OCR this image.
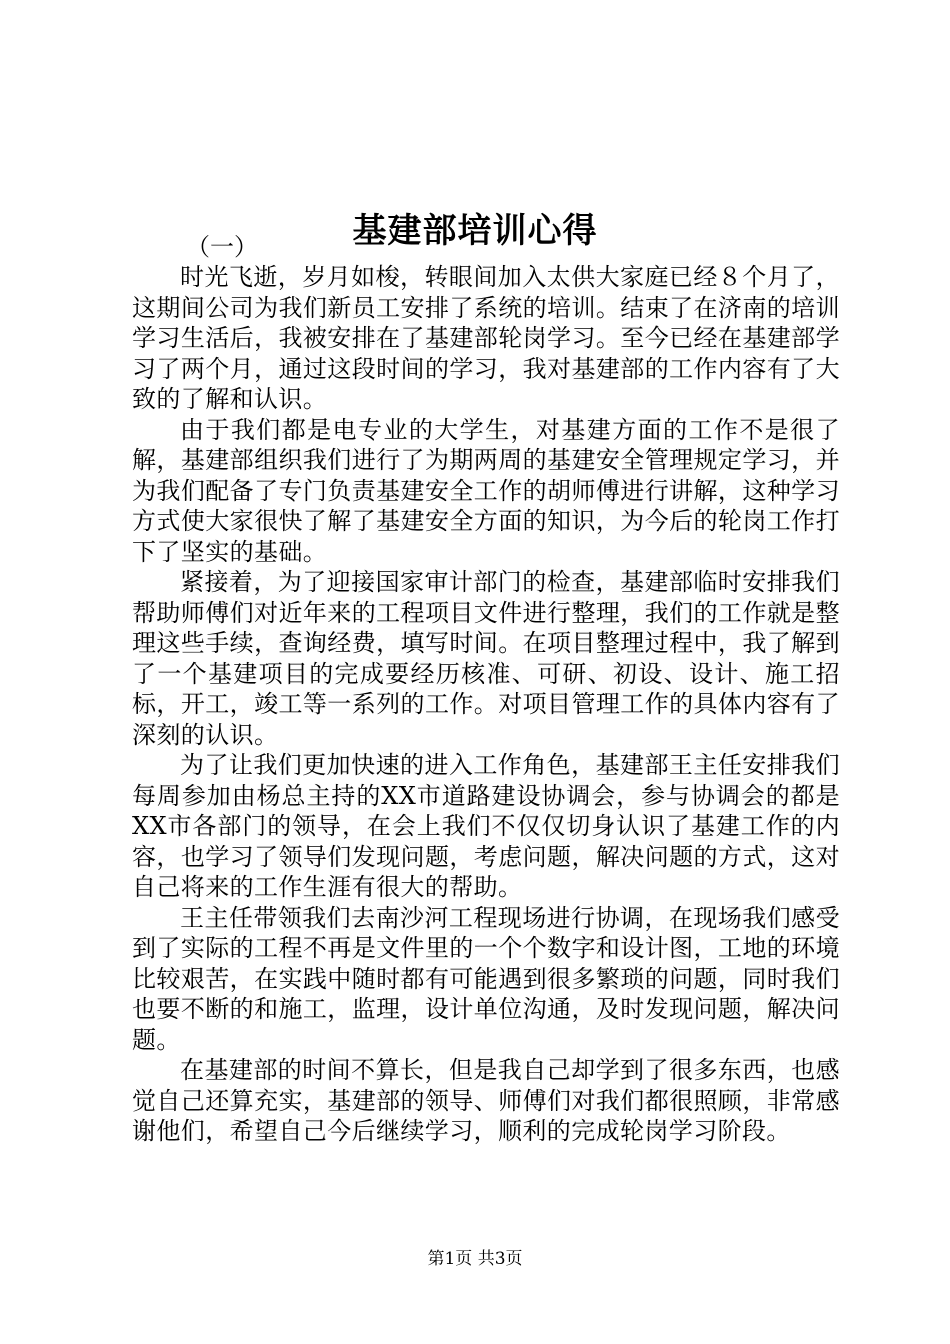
基建部培训心得
（一）

时光飞逝，岁月如梭，转眼间加入太供大家庭已经８个月了，这期间公司为我们新员工安排了系统的培训。结束了在济南的培训学习生活后，我被安排在了基建部轮岗学习。至今已经在基建部学习了两个月，通过这段时间的学习，我对基建部的工作内容有了大致的了解和认识。

由于我们都是电专业的大学生，对基建方面的工作不是很了解，基建部组织我们进行了为期两周的基建安全管理规定学习，并为我们配备了专门负责基建安全工作的胡师傅进行讲解，这种学习方式使大家很快了解了基建安全方面的知识，为今后的轮岗工作打下了坚实的基础。

紧接着，为了迎接国家审计部门的检查，基建部临时安排我们帮助师傅们对近年来的工程项目文件进行整理，我们的工作就是整理这些手续，查询经费，填写时间。在项目整理过程中，我了解到了一个基建项目的完成要经历核准、可研、初设、设计、施工招标，开工，竣工等一系列的工作。对项目管理工作的具体内容有了深刻的认识。

为了让我们更加快速的进入工作角色，基建部王主任安排我们每周参加由杨总主持的XX市道路建设协调会，参与协调会的都是XX市各部门的领导，在会上我们不仅仅切身认识了基建工作的内容，也学习了领导们发现问题，考虑问题，解决问题的方式，这对自己将来的工作生涯有很大的帮助。

王主任带领我们去南沙河工程现场进行协调，在现场我们感受到了实际的工程不再是文件里的一个个数字和设计图，工地的环境比较艰苦，在实践中随时都有可能遇到很多繁琐的问题，同时我们也要不断的和施工，监理，设计单位沟通，及时发现问题，解决问题。

在基建部的时间不算长，但是我自己却学到了很多东西，也感觉自己还算充实，基建部的领导、师傅们对我们都很照顾，非常感谢他们，希望自己今后继续学习，顺利的完成轮岗学习阶段。

第1页 共3页
